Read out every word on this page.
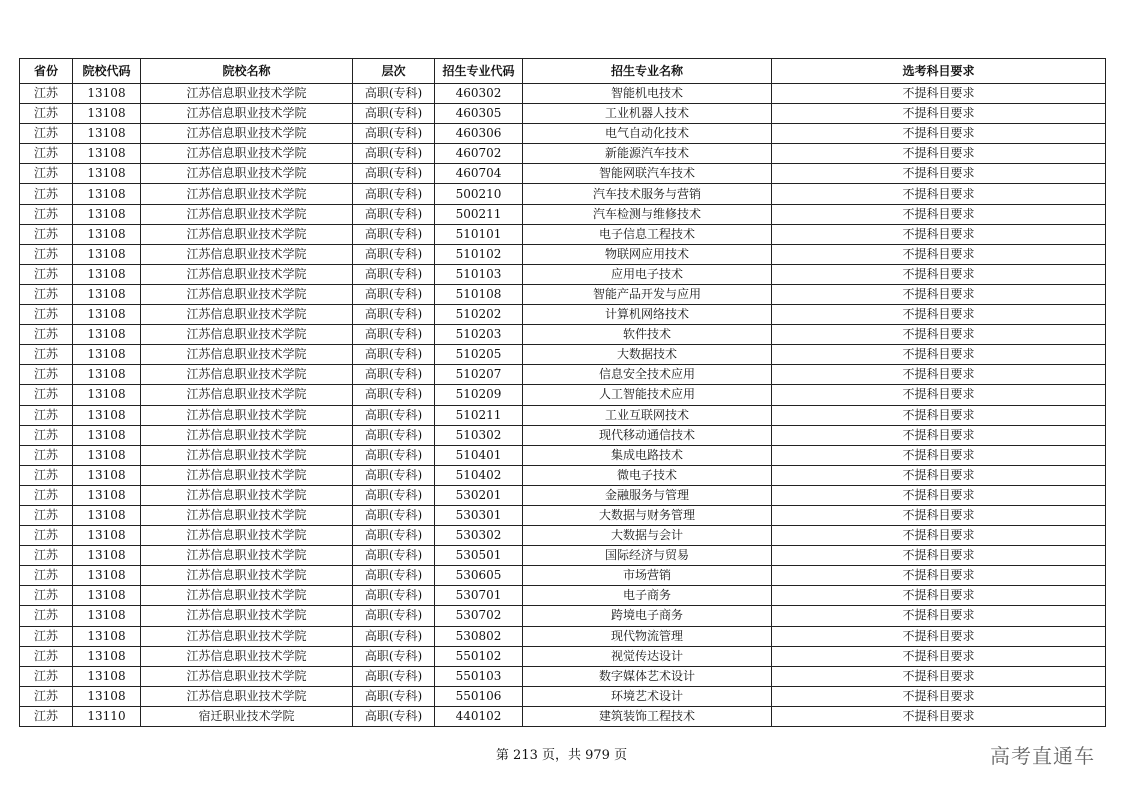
省份	院校代码	院校名称	层次	招生专业代码	招生专业名称	选考科目要求
江苏	13108	江苏信息职业技术学院	高职(专科)	460302	智能机电技术	不提科目要求
江苏	13108	江苏信息职业技术学院	高职(专科)	460305	工业机器人技术	不提科目要求
江苏	13108	江苏信息职业技术学院	高职(专科)	460306	电气自动化技术	不提科目要求
江苏	13108	江苏信息职业技术学院	高职(专科)	460702	新能源汽车技术	不提科目要求
江苏	13108	江苏信息职业技术学院	高职(专科)	460704	智能网联汽车技术	不提科目要求
江苏	13108	江苏信息职业技术学院	高职(专科)	500210	汽车技术服务与营销	不提科目要求
江苏	13108	江苏信息职业技术学院	高职(专科)	500211	汽车检测与维修技术	不提科目要求
江苏	13108	江苏信息职业技术学院	高职(专科)	510101	电子信息工程技术	不提科目要求
江苏	13108	江苏信息职业技术学院	高职(专科)	510102	物联网应用技术	不提科目要求
江苏	13108	江苏信息职业技术学院	高职(专科)	510103	应用电子技术	不提科目要求
江苏	13108	江苏信息职业技术学院	高职(专科)	510108	智能产品开发与应用	不提科目要求
江苏	13108	江苏信息职业技术学院	高职(专科)	510202	计算机网络技术	不提科目要求
江苏	13108	江苏信息职业技术学院	高职(专科)	510203	软件技术	不提科目要求
江苏	13108	江苏信息职业技术学院	高职(专科)	510205	大数据技术	不提科目要求
江苏	13108	江苏信息职业技术学院	高职(专科)	510207	信息安全技术应用	不提科目要求
江苏	13108	江苏信息职业技术学院	高职(专科)	510209	人工智能技术应用	不提科目要求
江苏	13108	江苏信息职业技术学院	高职(专科)	510211	工业互联网技术	不提科目要求
江苏	13108	江苏信息职业技术学院	高职(专科)	510302	现代移动通信技术	不提科目要求
江苏	13108	江苏信息职业技术学院	高职(专科)	510401	集成电路技术	不提科目要求
江苏	13108	江苏信息职业技术学院	高职(专科)	510402	微电子技术	不提科目要求
江苏	13108	江苏信息职业技术学院	高职(专科)	530201	金融服务与管理	不提科目要求
江苏	13108	江苏信息职业技术学院	高职(专科)	530301	大数据与财务管理	不提科目要求
江苏	13108	江苏信息职业技术学院	高职(专科)	530302	大数据与会计	不提科目要求
江苏	13108	江苏信息职业技术学院	高职(专科)	530501	国际经济与贸易	不提科目要求
江苏	13108	江苏信息职业技术学院	高职(专科)	530605	市场营销	不提科目要求
江苏	13108	江苏信息职业技术学院	高职(专科)	530701	电子商务	不提科目要求
江苏	13108	江苏信息职业技术学院	高职(专科)	530702	跨境电子商务	不提科目要求
江苏	13108	江苏信息职业技术学院	高职(专科)	530802	现代物流管理	不提科目要求
江苏	13108	江苏信息职业技术学院	高职(专科)	550102	视觉传达设计	不提科目要求
江苏	13108	江苏信息职业技术学院	高职(专科)	550103	数字媒体艺术设计	不提科目要求
江苏	13108	江苏信息职业技术学院	高职(专科)	550106	环境艺术设计	不提科目要求
江苏	13110	宿迁职业技术学院	高职(专科)	440102	建筑装饰工程技术	不提科目要求
第 213 页，共 979 页	高考直通车
